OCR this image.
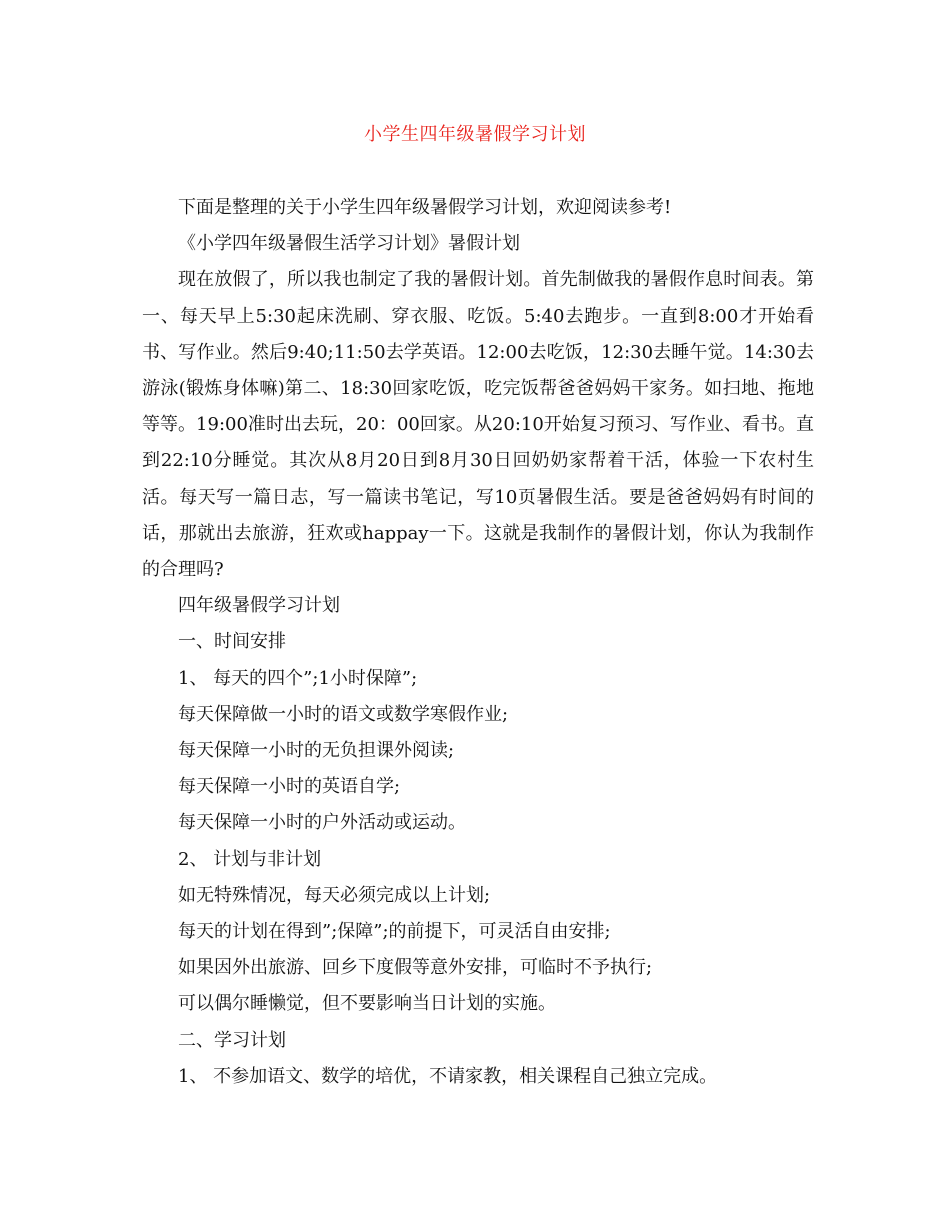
小学生四年级暑假学习计划

下面是整理的关于小学生四年级暑假学习计划，欢迎阅读参考!

《小学四年级暑假生活学习计划》暑假计划

现在放假了，所以我也制定了我的暑假计划。首先制做我的暑假作息时间表。第一、每天早上5:30起床洗刷、穿衣服、吃饭。5:40去跑步。一直到8:00才开始看书、写作业。然后9:40;11:50去学英语。12:00去吃饭，12:30去睡午觉。14:30去游泳(锻炼身体嘛)第二、18:30回家吃饭，吃完饭帮爸爸妈妈干家务。如扫地、拖地等等。19:00准时出去玩，20：00回家。从20:10开始复习预习、写作业、看书。直到22:10分睡觉。其次从8月20日到8月30日回奶奶家帮着干活，体验一下农村生活。每天写一篇日志，写一篇读书笔记，写10页暑假生活。要是爸爸妈妈有时间的话，那就出去旅游，狂欢或happay一下。这就是我制作的暑假计划，你认为我制作的合理吗?

四年级暑假学习计划

一、时间安排

1、 每天的四个”;1小时保障”;

每天保障做一小时的语文或数学寒假作业;

每天保障一小时的无负担课外阅读;

每天保障一小时的英语自学;

每天保障一小时的户外活动或运动。

2、 计划与非计划

如无特殊情况，每天必须完成以上计划;

每天的计划在得到”;保障”;的前提下，可灵活自由安排;

如果因外出旅游、回乡下度假等意外安排，可临时不予执行;

可以偶尔睡懒觉，但不要影响当日计划的实施。

二、学习计划

1、 不参加语文、数学的培优，不请家教，相关课程自己独立完成。
